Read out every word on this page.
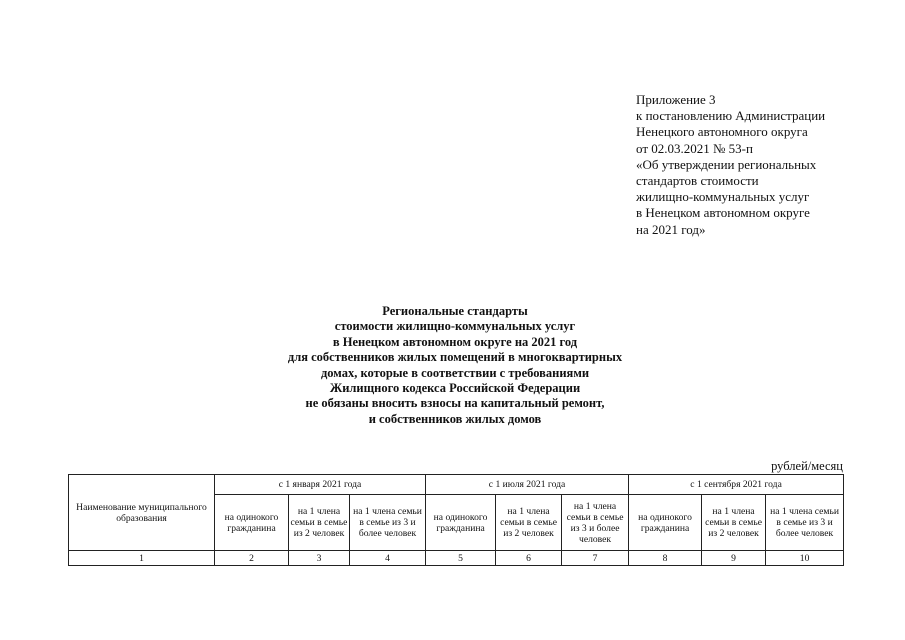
Приложение 3
к постановлению Администрации
Ненецкого автономного округа
от 02.03.2021 № 53-п
«Об утверждении региональных
стандартов стоимости
жилищно-коммунальных услуг
в Ненецком автономном округе
на 2021 год»
Региональные стандарты
стоимости жилищно-коммунальных услуг
в Ненецком автономном округе на 2021 год
для собственников жилых помещений в многоквартирных
домах, которые в соответствии с требованиями
Жилищного кодекса Российской Федерации
не обязаны вносить взносы на капитальный ремонт,
и собственников жилых домов
рублей/месяц
Наименование муниципального образования	с 1 января 2021 года			с 1 июля 2021 года			с 1 сентября 2021 года		
	на одинокого гражданина	на 1 члена семьи в семье из 2 человек	на 1 члена семьи в семье из 3 и более человек	на одинокого гражданина	на 1 члена семьи в семье из 2 человек	на 1 члена семьи в семье из 3 и более человек	на одинокого гражданина	на 1 члена семьи в семье из 2 человек	на 1 члена семьи в семье из 3 и более человек
1	2	3	4	5	6	7	8	9	10
